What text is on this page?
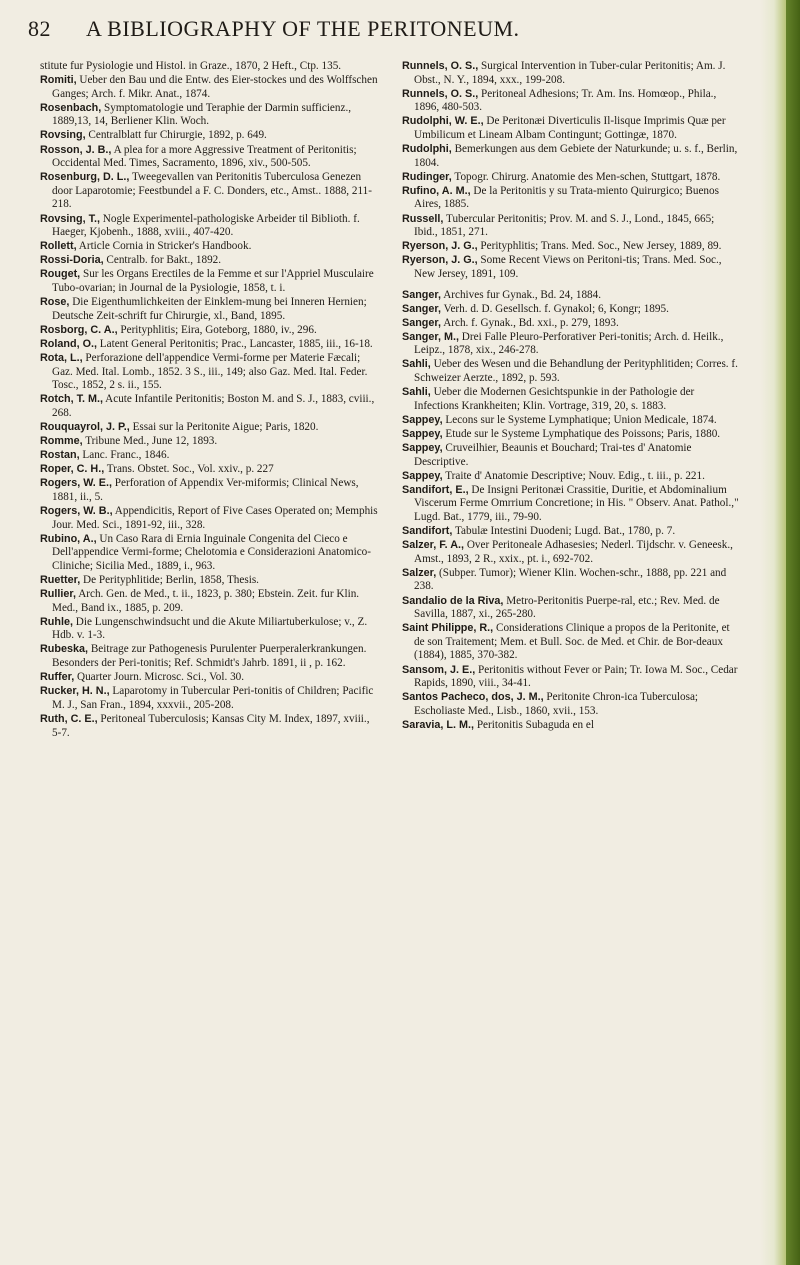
82 A BIBLIOGRAPHY OF THE PERITONEUM.

stitute fur Pysiologie und Histol. in Graze., 1870, 2 Heft., Ctp. 135.

Romiti, Ueber den Bau und die Entw. des Eier-stockes und des Wolffschen Ganges; Arch. f. Mikr. Anat., 1874.

Rosenbach, Symptomatologie und Teraphie der Darmin sufficienz., 1889,13, 14, Berliener Klin. Woch.

Rovsing, Centralblatt fur Chirurgie, 1892, p. 649.

Rosson, J. B., A plea for a more Aggressive Treatment of Peritonitis; Occidental Med. Times, Sacramento, 1896, xiv., 500-505.

Rosenburg, D. L., Tweegevallen van Peritonitis Tuberculosa Genezen door Laparotomie; Feestbundel a F. C. Donders, etc., Amst.. 1888, 211-218.

Rovsing, T., Nogle Experimentel-pathologiske Arbeider til Biblioth. f. Haeger, Kjobenh., 1888, xviii., 407-420.

Rollett, Article Cornia in Stricker's Handbook.

Rossi-Doria, Centralb. for Bakt., 1892.

Rouget, Sur les Organs Erectiles de la Femme et sur l'Appriel Musculaire Tubo-ovarian; in Journal de la Pysiologie, 1858, t. i.

Rose, Die Eigenthumlichkeiten der Einklem-mung bei Inneren Hernien; Deutsche Zeit-schrift fur Chirurgie, xl., Band, 1895.

Rosborg, C. A., Perityphlitis; Eira, Goteborg, 1880, iv., 296.

Roland, O., Latent General Peritonitis; Prac., Lancaster, 1885, iii., 16-18.

Rota, L., Perforazione dell'appendice Vermi-forme per Materie Fæcali; Gaz. Med. Ital. Lomb., 1852. 3 S., iii., 149; also Gaz. Med. Ital. Feder. Tosc., 1852, 2 s. ii., 155.

Rotch, T. M., Acute Infantile Peritonitis; Boston M. and S. J., 1883, cviii., 268.

Rouquayrol, J. P., Essai sur la Peritonite Aigue; Paris, 1820.

Romme, Tribune Med., June 12, 1893.

Rostan, Lanc. Franc., 1846.

Roper, C. H., Trans. Obstet. Soc., Vol. xxiv., p. 227

Rogers, W. E., Perforation of Appendix Ver-miformis; Clinical News, 1881, ii., 5.

Rogers, W. B., Appendicitis, Report of Five Cases Operated on; Memphis Jour. Med. Sci., 1891-92, iii., 328.

Rubino, A., Un Caso Rara di Ernia Inguinale Congenita del Cieco e Dell'appendice Vermi-forme; Chelotomia e Considerazioni Anatomico-Cliniche; Sicilia Med., 1889, i., 963.

Ruetter, De Perityphlitide; Berlin, 1858, Thesis.

Rullier, Arch. Gen. de Med., t. ii., 1823, p. 380; Ebstein. Zeit. fur Klin. Med., Band ix., 1885, p. 209.

Ruhle, Die Lungenschwindsucht und die Akute Miliartuberkulose; v., Z. Hdb. v. 1-3.

Rubeska, Beitrage zur Pathogenesis Purulenter Puerperalerkrankungen. Besonders der Peri-tonitis; Ref. Schmidt's Jahrb. 1891, ii , p. 162.

Ruffer, Quarter Journ. Microsc. Sci., Vol. 30.

Rucker, H. N., Laparotomy in Tubercular Peri-tonitis of Children; Pacific M. J., San Fran., 1894, xxxvii., 205-208.

Ruth, C. E., Peritoneal Tuberculosis; Kansas City M. Index, 1897, xviii., 5-7.

Runnels, O. S., Surgical Intervention in Tuber-cular Peritonitis; Am. J. Obst., N. Y., 1894, xxx., 199-208.

Runnels, O. S., Peritoneal Adhesions; Tr. Am. Ins. Homœop., Phila., 1896, 480-503.

Rudolphi, W. E., De Peritonæi Diverticulis Il-lisque Imprimis Quæ per Umbilicum et Lineam Albam Contingunt; Gottingæ, 1870.

Rudolphi, Bemerkungen aus dem Gebiete der Naturkunde; u. s. f., Berlin, 1804.

Rudinger, Topogr. Chirurg. Anatomie des Men-schen, Stuttgart, 1878.

Rufino, A. M., De la Peritonitis y su Trata-miento Quirurgico; Buenos Aires, 1885.

Russell, Tubercular Peritonitis; Prov. M. and S. J., Lond., 1845, 665; Ibid., 1851, 271.

Ryerson, J. G., Perityphlitis; Trans. Med. Soc., New Jersey, 1889, 89.

Ryerson, J. G., Some Recent Views on Peritoni-tis; Trans. Med. Soc., New Jersey, 1891, 109.

Sanger, Archives fur Gynak., Bd. 24, 1884.

Sanger, Verh. d. D. Gesellsch. f. Gynakol; 6, Kongr; 1895.

Sanger, Arch. f. Gynak., Bd. xxi., p. 279, 1893.

Sanger, M., Drei Falle Pleuro-Perforativer Peri-tonitis; Arch. d. Heilk., Leipz., 1878, xix., 246-278.

Sahli, Ueber des Wesen und die Behandlung der Perityphlitiden; Corres. f. Schweizer Aerzte., 1892, p. 593.

Sahli, Ueber die Modernen Gesichtspunkie in der Pathologie der Infections Krankheiten; Klin. Vortrage, 319, 20, s. 1883.

Sappey, Lecons sur le Systeme Lymphatique; Union Medicale, 1874.

Sappey, Etude sur le Systeme Lymphatique des Poissons; Paris, 1880.

Sappey, Cruveilhier, Beaunis et Bouchard; Trai-tes d' Anatomie Descriptive.

Sappey, Traite d' Anatomie Descriptive; Nouv. Edig., t. iii., p. 221.

Sandifort, E., De Insigni Peritonæi Crassitie, Duritie, et Abdominalium Viscerum Ferme Omrrium Concretione; in His. " Observ. Anat. Pathol.," Lugd. Bat., 1779, iii., 79-90.

Sandifort, Tabulæ Intestini Duodeni; Lugd. Bat., 1780, p. 7.

Salzer, F. A., Over Peritoneale Adhasesies; Nederl. Tijdschr. v. Geneesk., Amst., 1893, 2 R., xxix., pt. i., 692-702.

Salzer, (Subper. Tumor); Wiener Klin. Wochen-schr., 1888, pp. 221 and 238.

Sandalio de la Riva, Metro-Peritonitis Puerpe-ral, etc.; Rev. Med. de Savilla, 1887, xi., 265-280.

Saint Philippe, R., Considerations Clinique a propos de la Peritonite, et de son Traitement; Mem. et Bull. Soc. de Med. et Chir. de Bor-deaux (1884), 1885, 370-382.

Sansom, J. E., Peritonitis without Fever or Pain; Tr. Iowa M. Soc., Cedar Rapids, 1890, viii., 34-41.

Santos Pacheco, dos, J. M., Peritonite Chron-ica Tuberculosa; Escholiaste Med., Lisb., 1860, xvii., 153.

Saravia, L. M., Peritonitis Subaguda en el
